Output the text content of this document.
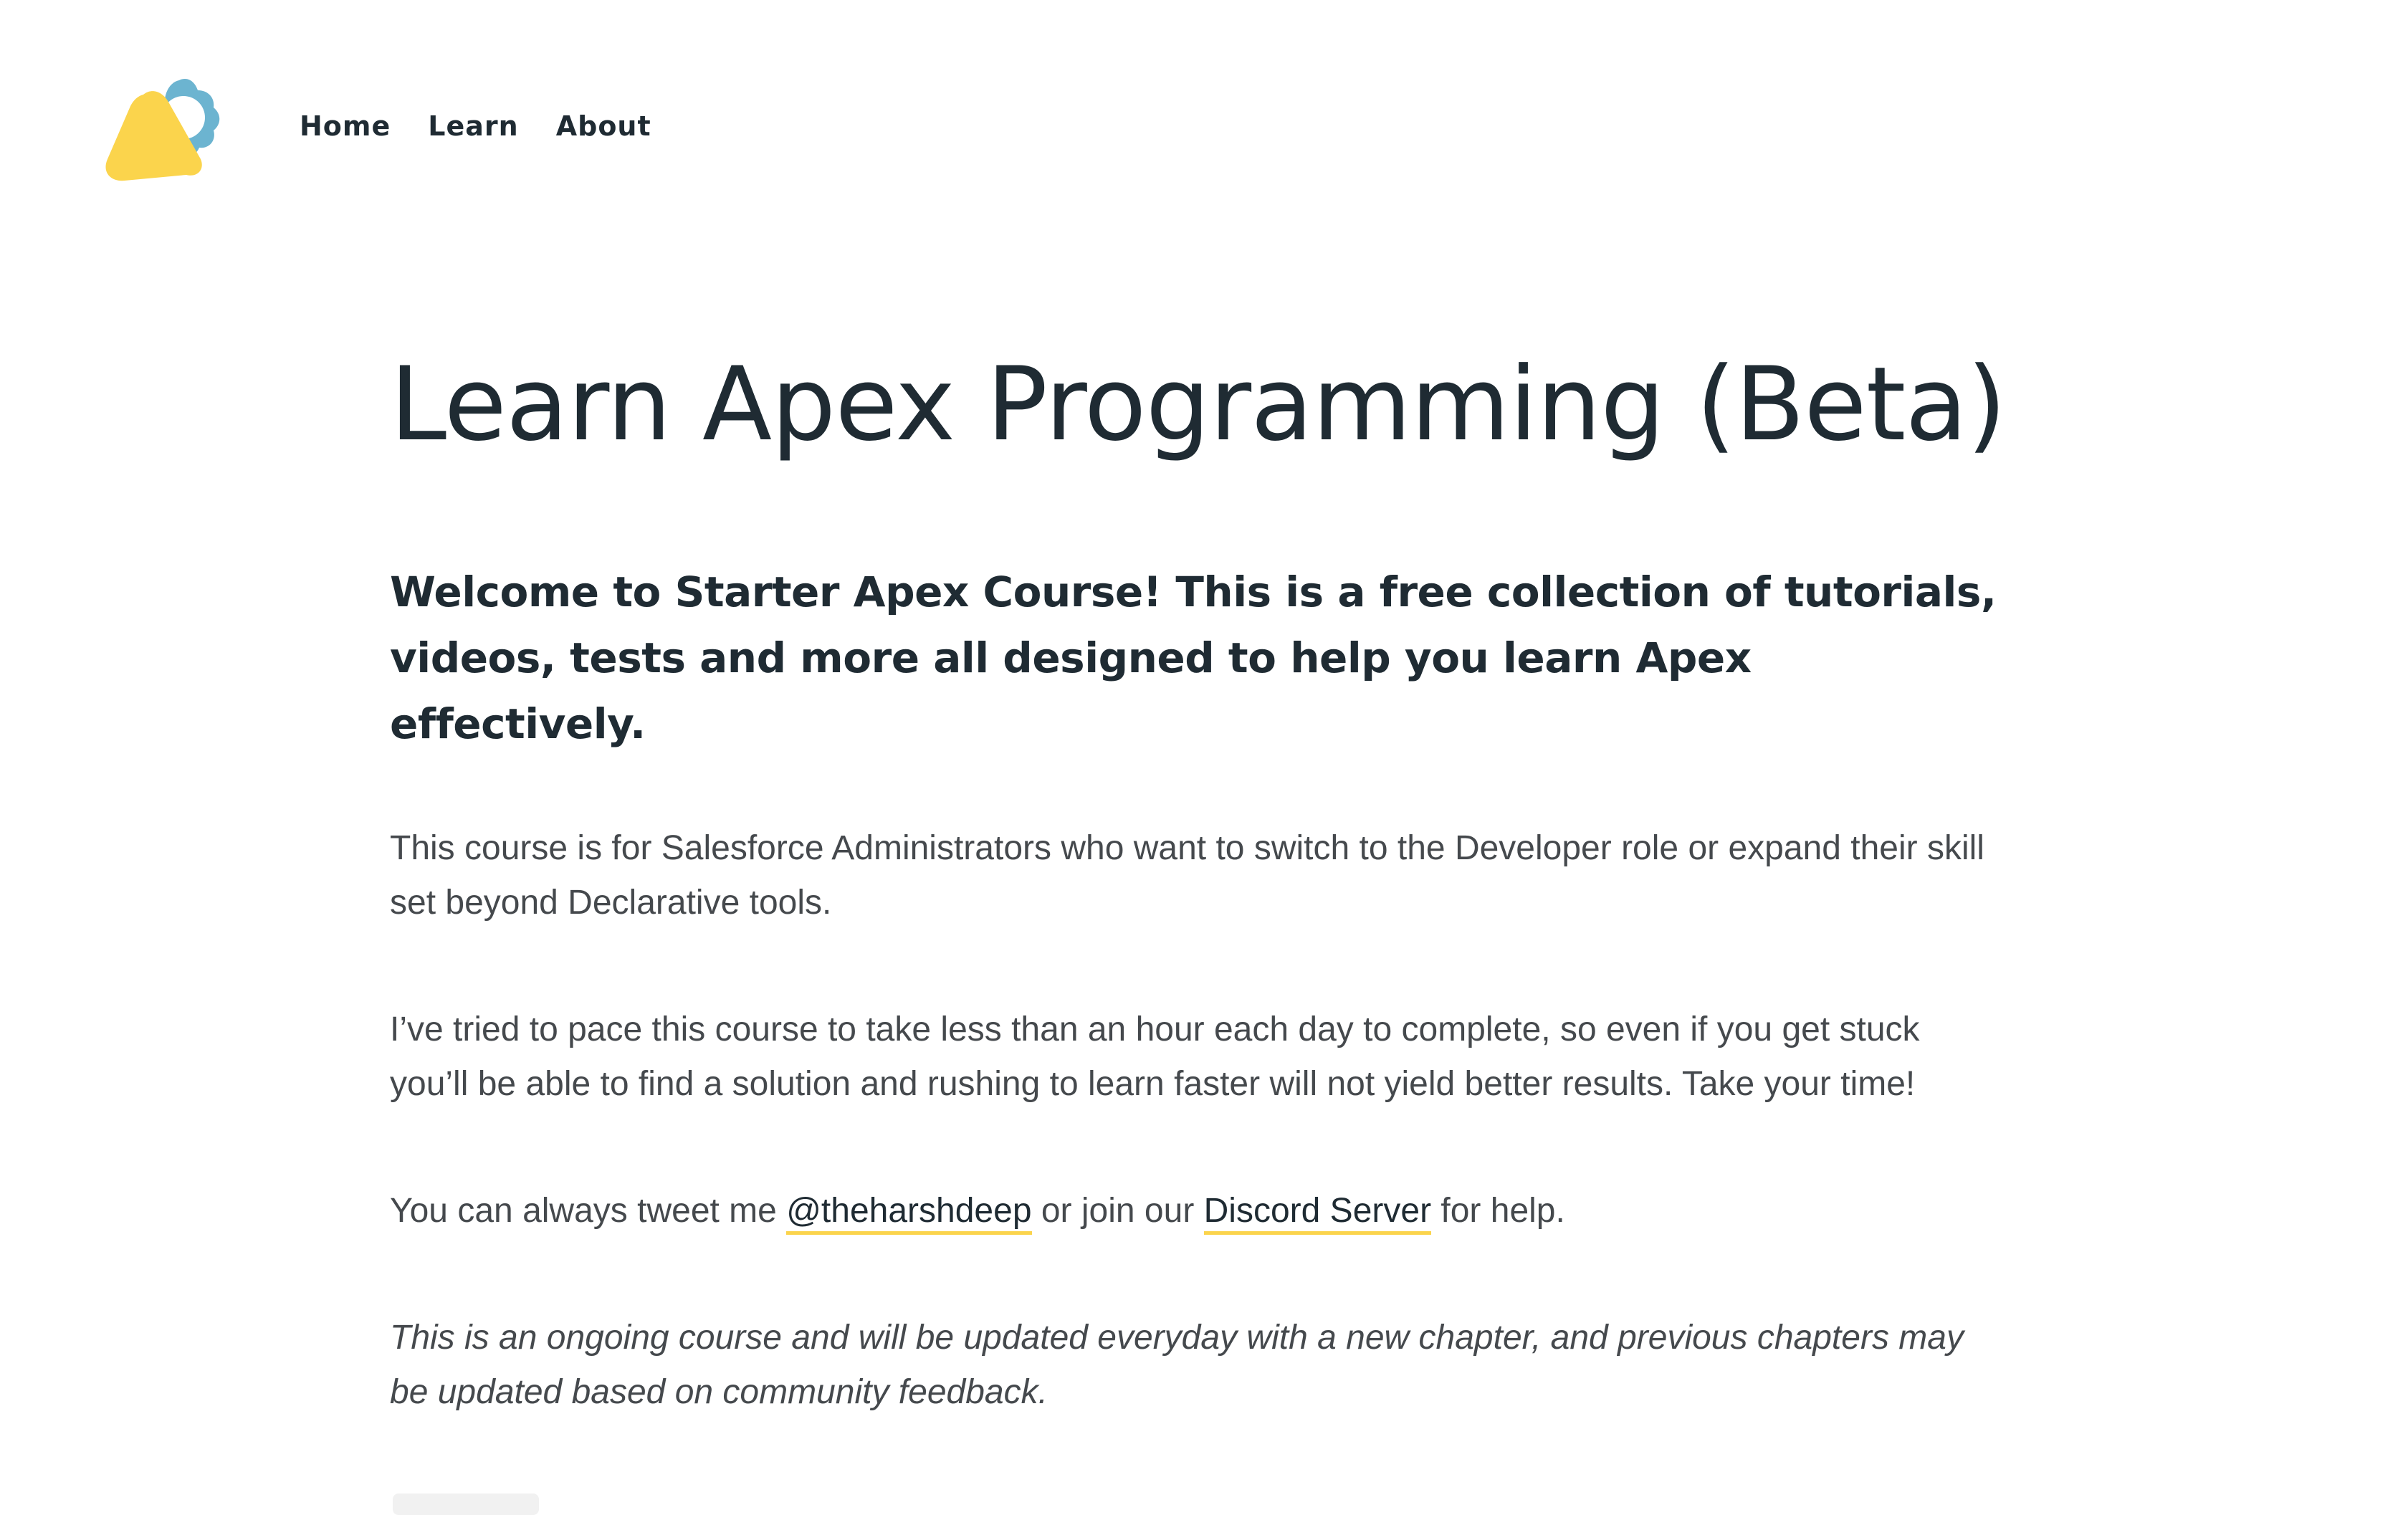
Home Learn About
Learn Apex Programming (Beta)

Welcome to Starter Apex Course! This is a free collection of tutorials, videos, tests and more all designed to help you learn Apex effectively.

This course is for Salesforce Administrators who want to switch to the Developer role or expand their skill set beyond Declarative tools.

I’ve tried to pace this course to take less than an hour each day to complete, so even if you get stuck you’ll be able to find a solution and rushing to learn faster will not yield better results. Take your time!

You can always tweet me @theharshdeep or join our Discord Server for help.

This is an ongoing course and will be updated everyday with a new chapter, and previous chapters may be updated based on community feedback.
